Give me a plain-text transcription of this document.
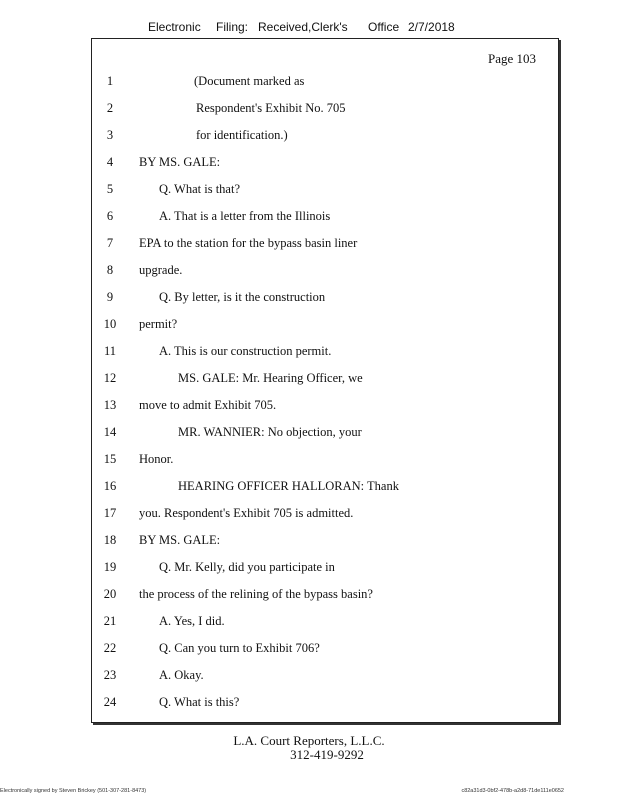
Electronic Filing: Received,Clerk's Office 2/7/2018
Page 103
1	(Document marked as
2	Respondent's Exhibit No. 705
3	for identification.)
4	BY MS. GALE:
5	Q. What is that?
6	A. That is a letter from the Illinois
7	EPA to the station for the bypass basin liner
8	upgrade.
9	Q. By letter, is it the construction
10	permit?
11	A. This is our construction permit.
12	MS. GALE: Mr. Hearing Officer, we
13	move to admit Exhibit 705.
14	MR. WANNIER: No objection, your
15	Honor.
16	HEARING OFFICER HALLORAN: Thank
17	you. Respondent's Exhibit 705 is admitted.
18	BY MS. GALE:
19	Q. Mr. Kelly, did you participate in
20	the process of the relining of the bypass basin?
21	A. Yes, I did.
22	Q. Can you turn to Exhibit 706?
23	A. Okay.
24	Q. What is this?
L.A. Court Reporters, L.L.C.
312-419-9292
Electronically signed by Steven Brickey (501-307-281-8473)	c82a31d3-0bf2-478b-a2d8-71de111e0652
